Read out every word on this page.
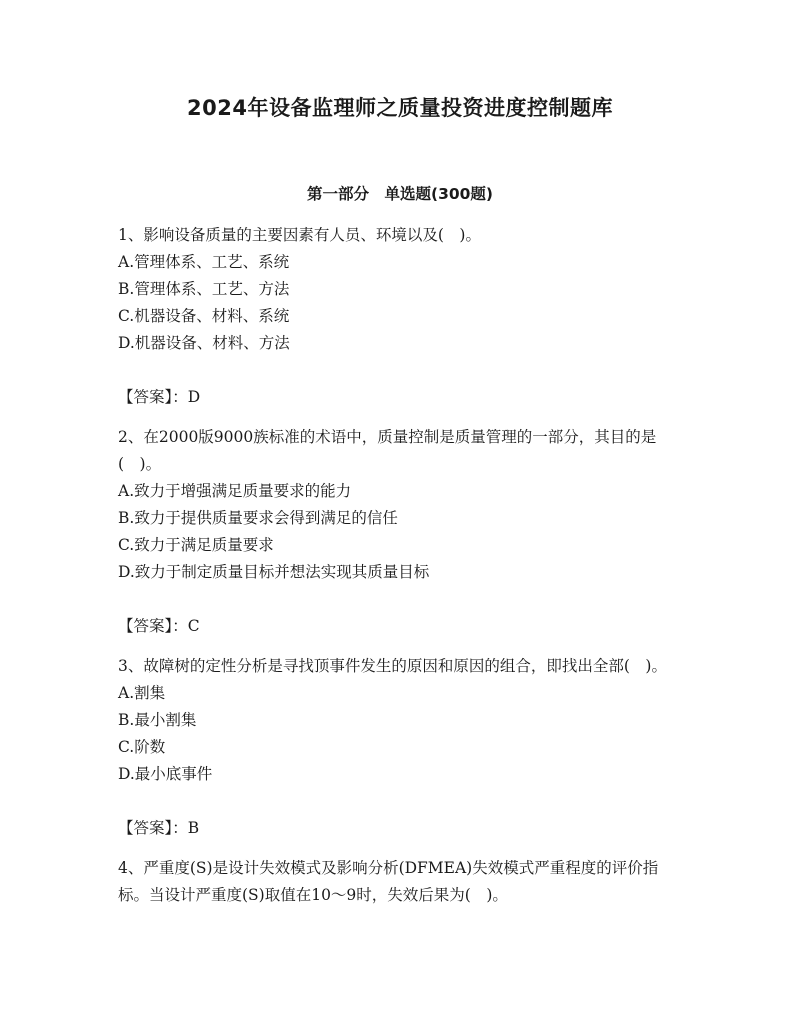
2024年设备监理师之质量投资进度控制题库
第一部分　单选题(300题)

1、影响设备质量的主要因素有人员、环境以及(　)。

A.管理体系、工艺、系统

B.管理体系、工艺、方法

C.机器设备、材料、系统

D.机器设备、材料、方法

【答案】：D

2、在2000版9000族标准的术语中，质量控制是质量管理的一部分，其目的是(　)。

A.致力于增强满足质量要求的能力

B.致力于提供质量要求会得到满足的信任

C.致力于满足质量要求

D.致力于制定质量目标并想法实现其质量目标

【答案】：C

3、故障树的定性分析是寻找顶事件发生的原因和原因的组合，即找出全部(　)。

A.割集

B.最小割集

C.阶数

D.最小底事件

【答案】：B

4、严重度(S)是设计失效模式及影响分析(DFMEA)失效模式严重程度的评价指标。当设计严重度(S)取值在10～9时，失效后果为(　)。
